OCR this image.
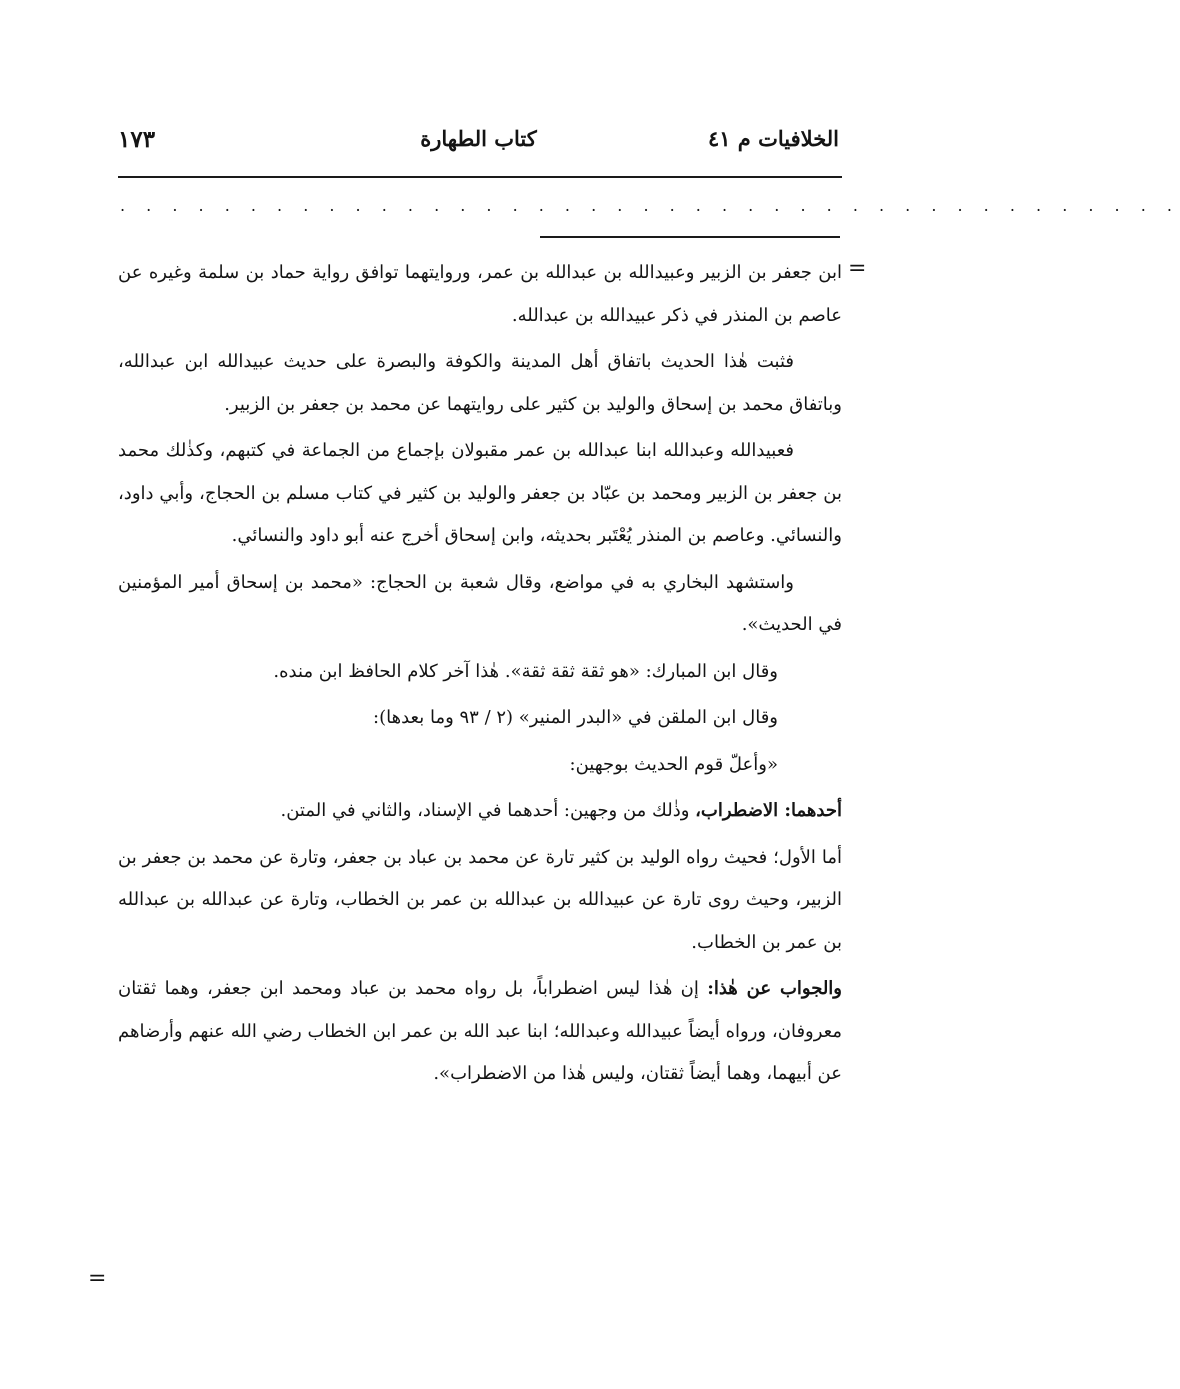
الخلافيات م ٤١
كتاب الطهارة
١٧٣
. . . . . . . . . . . . . . . . . . . . . . . . . . . . . . . . . . . . . . . . .
=

ابن جعفر بن الزبير وعبيدالله بن عبدالله بن عمر، وروايتهما توافق رواية حماد بن سلمة وغيره عن عاصم بن المنذر في ذكر عبيدالله بن عبدالله.

فثبت هٰذا الحديث باتفاق أهل المدينة والكوفة والبصرة على حديث عبيدالله ابن عبدالله، وباتفاق محمد بن إسحاق والوليد بن كثير على روايتهما عن محمد بن جعفر بن الزبير.

فعبيدالله وعبدالله ابنا عبدالله بن عمر مقبولان بإجماع من الجماعة في كتبهم، وكذٰلك محمد بن جعفر بن الزبير ومحمد بن عبّاد بن جعفر والوليد بن كثير في كتاب مسلم بن الحجاج، وأبي داود، والنسائي. وعاصم بن المنذر يُعْتَبر بحديثه، وابن إسحاق أخرج عنه أبو داود والنسائي.

واستشهد البخاري به في مواضع، وقال شعبة بن الحجاج: «محمد بن إسحاق أمير المؤمنين في الحديث».

وقال ابن المبارك: «هو ثقة ثقة ثقة». هٰذا آخر كلام الحافظ ابن منده.

وقال ابن الملقن في «البدر المنير» (٢ / ٩٣ وما بعدها):

«وأعلّ قوم الحديث بوجهين:

أحدهما: الاضطراب، وذٰلك من وجهين: أحدهما في الإسناد، والثاني في المتن.

أما الأول؛ فحيث رواه الوليد بن كثير تارة عن محمد بن عباد بن جعفر، وتارة عن محمد بن جعفر بن الزبير، وحيث روى تارة عن عبيدالله بن عبدالله بن عمر بن الخطاب، وتارة عن عبدالله بن عبدالله بن عمر بن الخطاب.

والجواب عن هٰذا: إن هٰذا ليس اضطراباً، بل رواه محمد بن عباد ومحمد ابن جعفر، وهما ثقتان معروفان، ورواه أيضاً عبيدالله وعبدالله؛ ابنا عبد الله بن عمر ابن الخطاب رضي الله عنهم وأرضاهم عن أبيهما، وهما أيضاً ثقتان، وليس هٰذا من الاضطراب».

=
